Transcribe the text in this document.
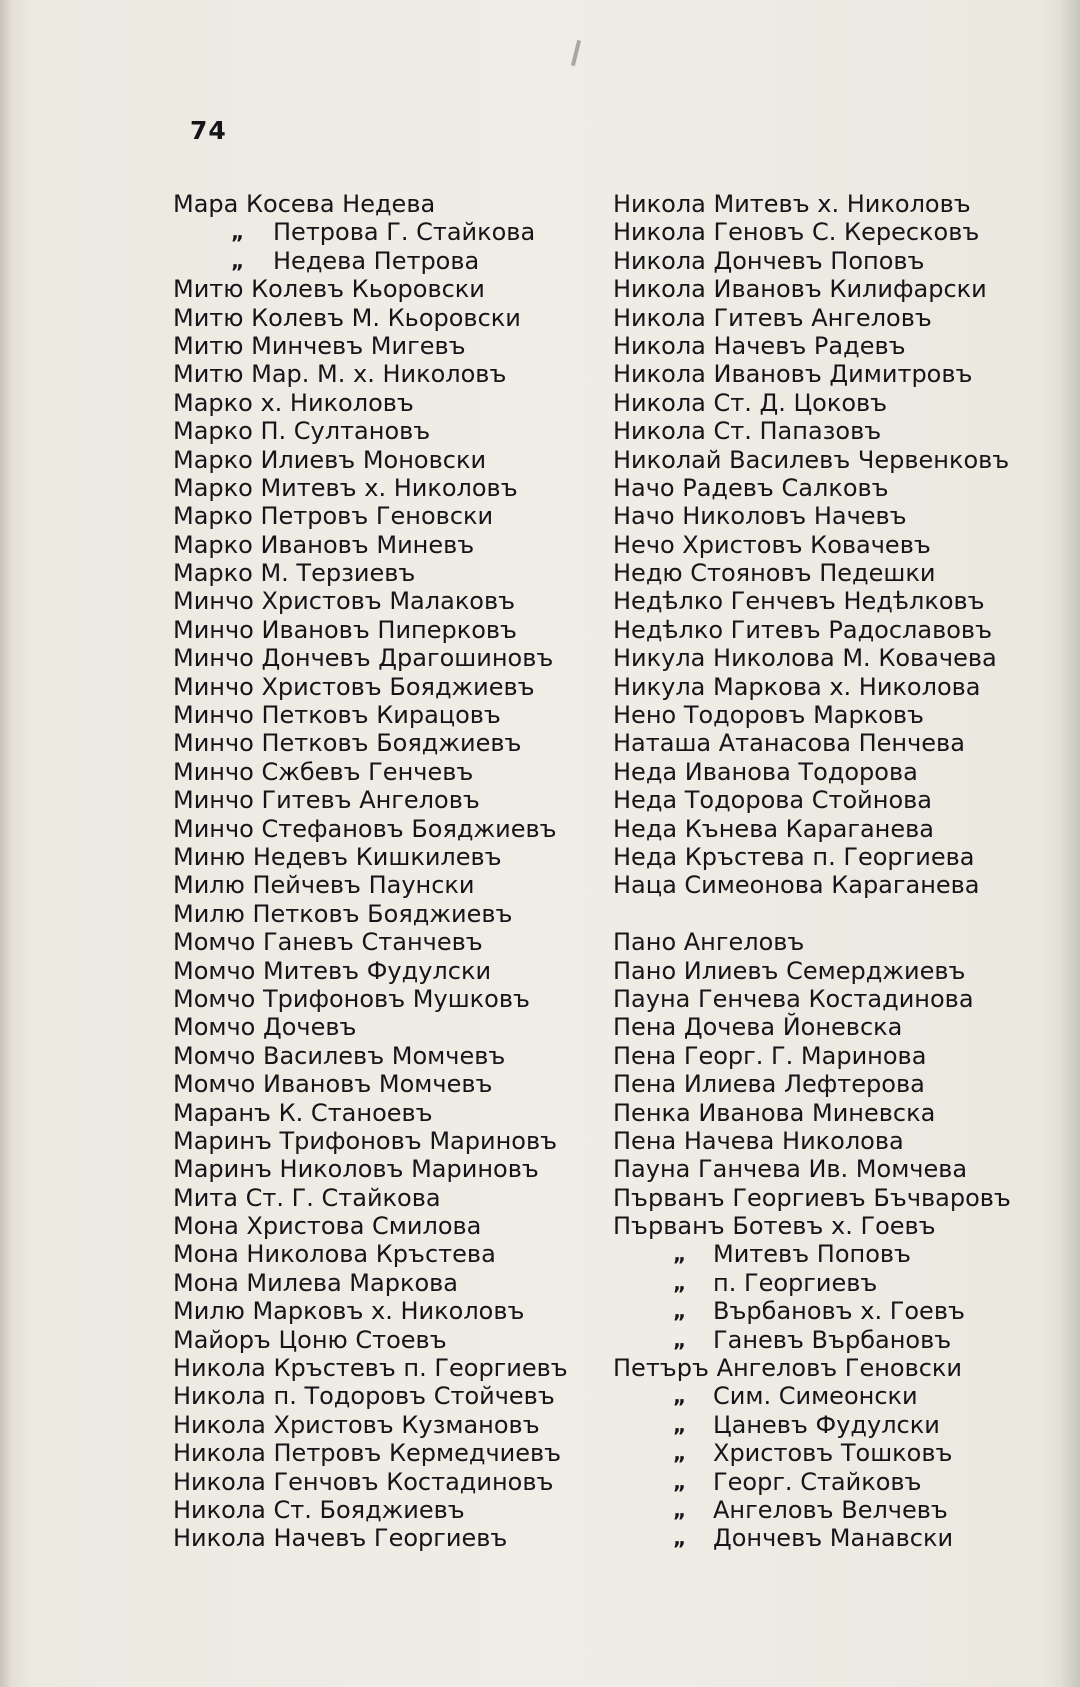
74
Мара Косева Недева
„ Петрова Г. Стайкова
„ Недева Петрова
Митю Колевъ Кьоровски
Митю Колевъ М. Кьоровски
Митю Минчевъ Мигевъ
Митю Мар. М. х. Николовъ
Марко х. Николовъ
Марко П. Султановъ
Марко Илиевъ Моновски
Марко Митевъ х. Николовъ
Марко Петровъ Геновски
Марко Ивановъ Миневъ
Марко М. Терзиевъ
Минчо Христовъ Малаковъ
Минчо Ивановъ Пиперковъ
Минчо Дончевъ Драгошиновъ
Минчо Христовъ Бояджиевъ
Минчо Петковъ Кирацовъ
Минчо Петковъ Бояджиевъ
Минчо Сжбевъ Генчевъ
Минчо Гитевъ Ангеловъ
Минчо Стефановъ Бояджиевъ
Миню Недевъ Кишкилевъ
Милю Пейчевъ Паунски
Милю Петковъ Бояджиевъ
Момчо Ганевъ Станчевъ
Момчо Митевъ Фудулски
Момчо Трифоновъ Мушковъ
Момчо Дочевъ
Момчо Василевъ Момчевъ
Момчо Ивановъ Момчевъ
Маранъ К. Станоевъ
Маринъ Трифоновъ Мариновъ
Маринъ Николовъ Мариновъ
Мита Ст. Г. Стайкова
Мона Христова Смилова
Мона Николова Кръстева
Мона Милева Маркова
Милю Марковъ х. Николовъ
Майоръ Цоню Стоевъ
Никола Кръстевъ п. Георгиевъ
Никола п. Тодоровъ Стойчевъ
Никола Христовъ Кузмановъ
Никола Петровъ Кермедчиевъ
Никола Генчовъ Костадиновъ
Никола Ст. Бояджиевъ
Никола Начевъ Георгиевъ
Никола Митевъ х. Николовъ
Никола Геновъ С. Кересковъ
Никола Дончевъ Поповъ
Никола Ивановъ Килифарски
Никола Гитевъ Ангеловъ
Никола Начевъ Радевъ
Никола Ивановъ Димитровъ
Никола Ст. Д. Цоковъ
Никола Ст. Папазовъ
Николай Василевъ Червенковъ
Начо Радевъ Салковъ
Начо Николовъ Начевъ
Нечо Христовъ Ковачевъ
Недю Стояновъ Педешки
Недѣлко Генчевъ Недѣлковъ
Недѣлко Гитевъ Радославовъ
Никула Николова М. Ковачева
Никула Маркова х. Николова
Нено Тодоровъ Марковъ
Наташа Атанасова Пенчева
Неда Иванова Тодорова
Неда Тодорова Стойнова
Неда Кънева Караганева
Неда Кръстева п. Георгиева
Наца Симеонова Караганева
Пано Ангеловъ
Пано Илиевъ Семерджиевъ
Пауна Генчева Костадинова
Пена Дочева Йоневска
Пена Георг. Г. Маринова
Пена Илиева Лефтерова
Пенка Иванова Миневска
Пена Начева Николова
Пауна Ганчева Ив. Момчева
Първанъ Георгиевъ Бъчваровъ
Първанъ Ботевъ х. Гоевъ
„ Митевъ Поповъ
„ п. Георгиевъ
„ Върбановъ х. Гоевъ
„ Ганевъ Върбановъ
Петъръ Ангеловъ Геновски
„ Сим. Симеонски
„ Цаневъ Фудулски
„ Христовъ Тошковъ
„ Георг. Стайковъ
„ Ангеловъ Велчевъ
„ Дончевъ Манавски
